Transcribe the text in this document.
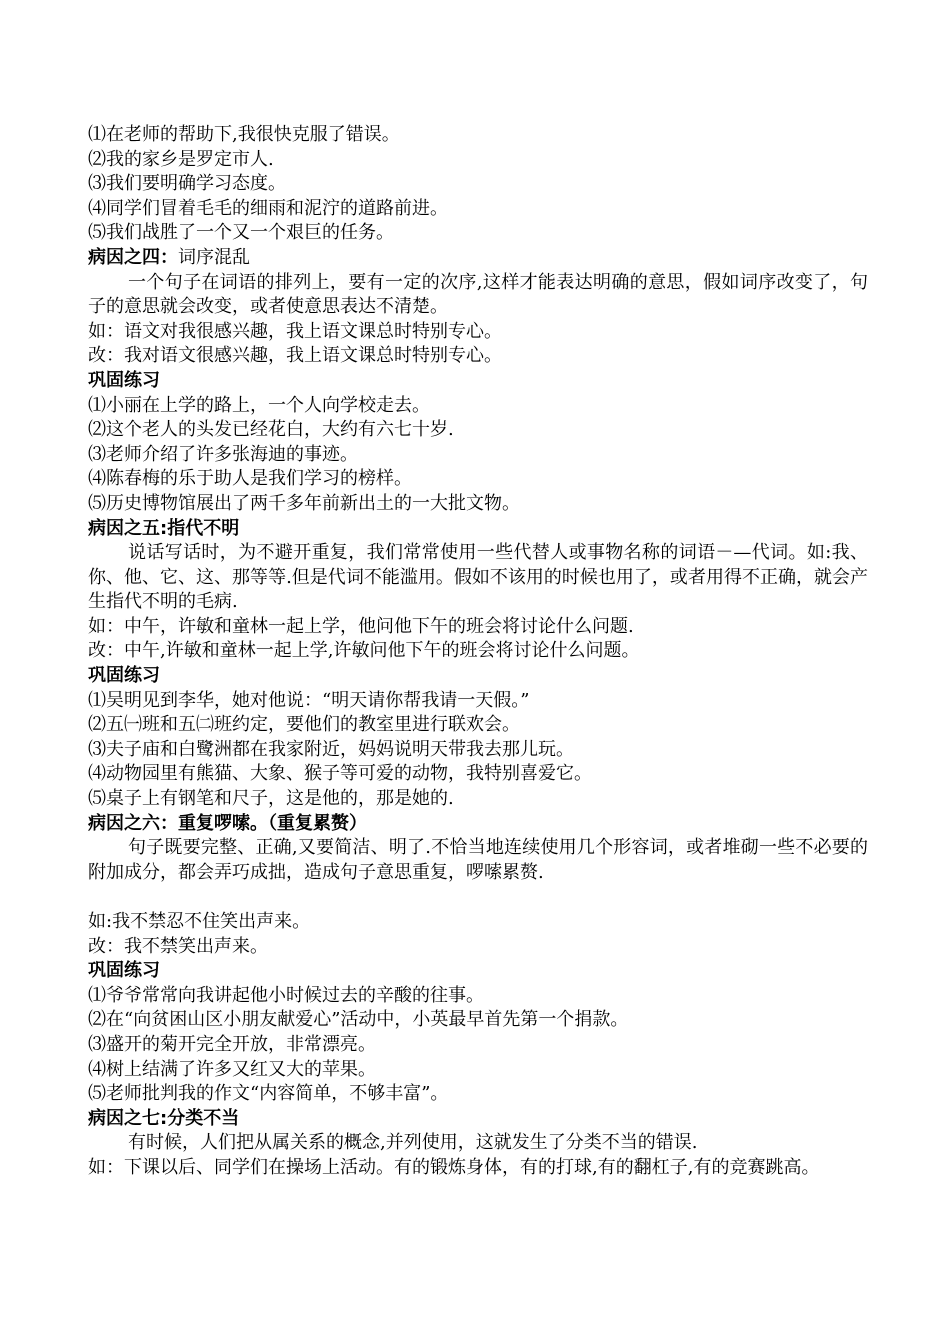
⑴在老师的帮助下,我很快克服了错误。
⑵我的家乡是罗定市人.
⑶我们要明确学习态度。
⑷同学们冒着毛毛的细雨和泥泞的道路前进。
⑸我们战胜了一个又一个艰巨的任务。
病因之四：词序混乱
一个句子在词语的排列上，要有一定的次序,这样才能表达明确的意思，假如词序改变了，句子的意思就会改变，或者使意思表达不清楚。
如：语文对我很感兴趣，我上语文课总时特别专心。
改：我对语文很感兴趣，我上语文课总时特别专心。
巩固练习
⑴小丽在上学的路上，一个人向学校走去。
⑵这个老人的头发已经花白，大约有六七十岁.
⑶老师介绍了许多张海迪的事迹。
⑷陈春梅的乐于助人是我们学习的榜样。
⑸历史博物馆展出了两千多年前新出土的一大批文物。
病因之五:指代不明
说话写话时，为不避开重复，我们常常使用一些代替人或事物名称的词语－—代词。如:我、你、他、它、这、那等等.但是代词不能滥用。假如不该用的时候也用了，或者用得不正确，就会产生指代不明的毛病.
如：中午，许敏和童林一起上学，他问他下午的班会将讨论什么问题.
改：中午,许敏和童林一起上学,许敏问他下午的班会将讨论什么问题。
巩固练习
⑴吴明见到李华，她对他说：“明天请你帮我请一天假。”
⑵五㈠班和五㈡班约定，要他们的教室里进行联欢会。
⑶夫子庙和白鹭洲都在我家附近，妈妈说明天带我去那儿玩。
⑷动物园里有熊猫、大象、猴子等可爱的动物，我特别喜爱它。
⑸桌子上有钢笔和尺子，这是他的，那是她的.
病因之六：重复啰嗦。（重复累赘）
句子既要完整、正确,又要简洁、明了.不恰当地连续使用几个形容词，或者堆砌一些不必要的附加成分，都会弄巧成拙，造成句子意思重复，啰嗦累赘.
如:我不禁忍不住笑出声来。
改：我不禁笑出声来。
巩固练习
⑴爷爷常常向我讲起他小时候过去的辛酸的往事。
⑵在“向贫困山区小朋友献爱心”活动中，小英最早首先第一个捐款。
⑶盛开的菊开完全开放，非常漂亮。
⑷树上结满了许多又红又大的苹果。
⑸老师批判我的作文“内容简单，不够丰富”。
病因之七:分类不当
有时候，人们把从属关系的概念,并列使用，这就发生了分类不当的错误.
如：下课以后、同学们在操场上活动。有的锻炼身体，有的打球,有的翻杠子,有的竞赛跳高。
